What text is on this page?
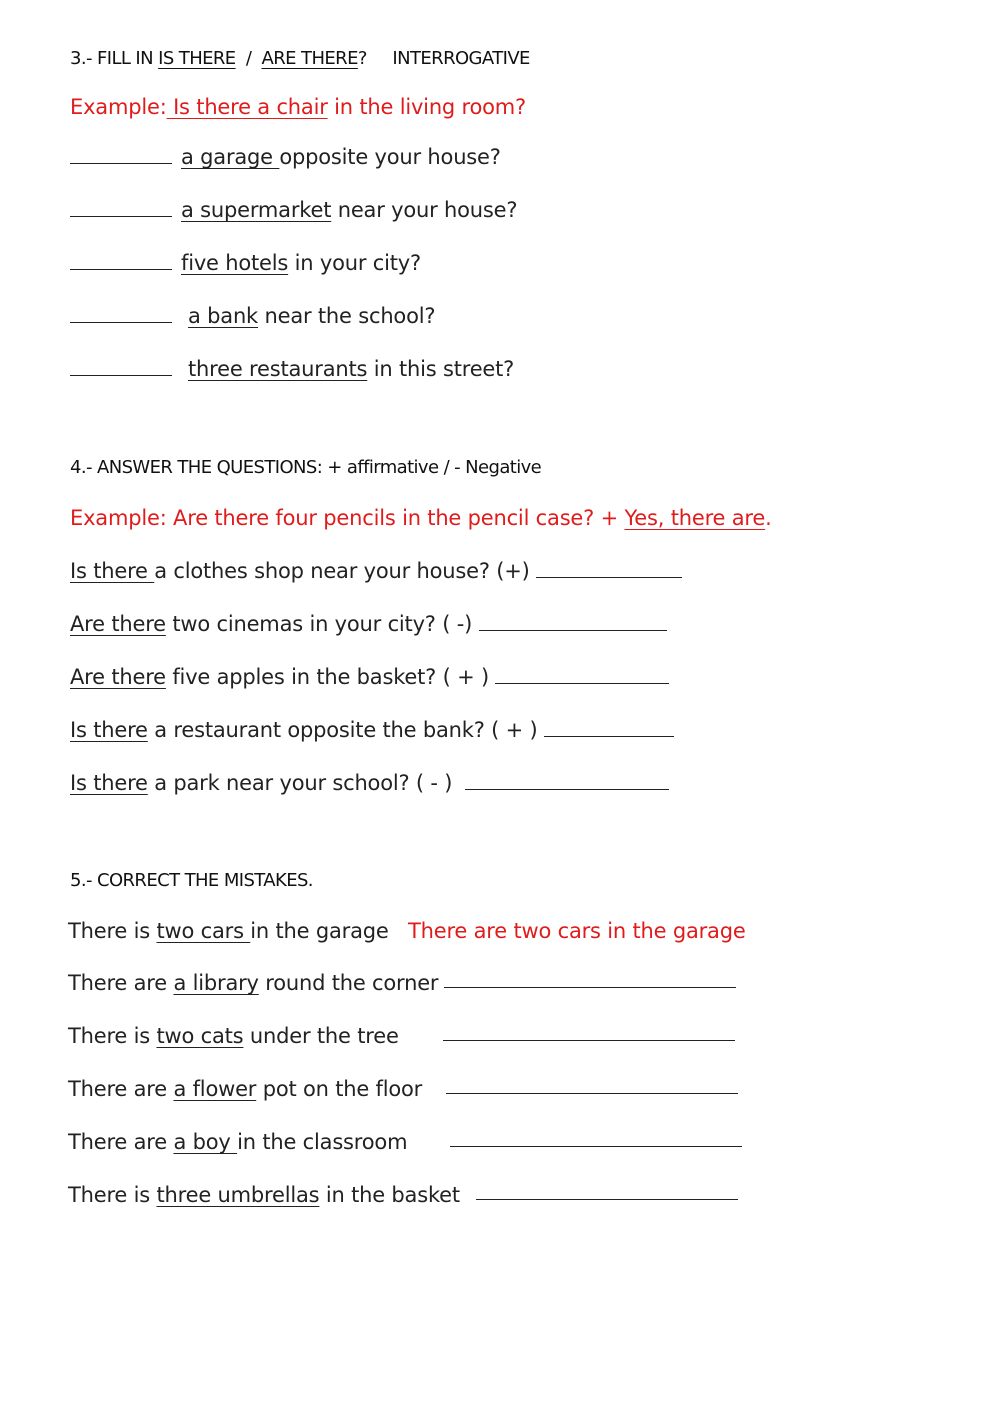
3.- FILL IN IS THERE  /  ARE THERE?     INTERROGATIVE
Example: Is there a chair in the living room?
a garage opposite your house?
a supermarket near your house?
five hotels in your city?
a bank near the school?
three restaurants in this street?
4.- ANSWER THE QUESTIONS: + affirmative / - Negative
Example: Are there four pencils in the pencil case? + Yes, there are.
Is there a clothes shop near your house? (+)
Are there two cinemas in your city? ( -)
Are there five apples in the basket? ( + )
Is there a restaurant opposite the bank? ( + )
Is there a park near your school? ( - )
5.- CORRECT THE MISTAKES.
There is two cars in the garage There are two cars in the garage
There are a library round the corner
There is two cats under the tree
There are a flower pot on the floor
There are a boy in the classroom
There is three umbrellas in the basket
